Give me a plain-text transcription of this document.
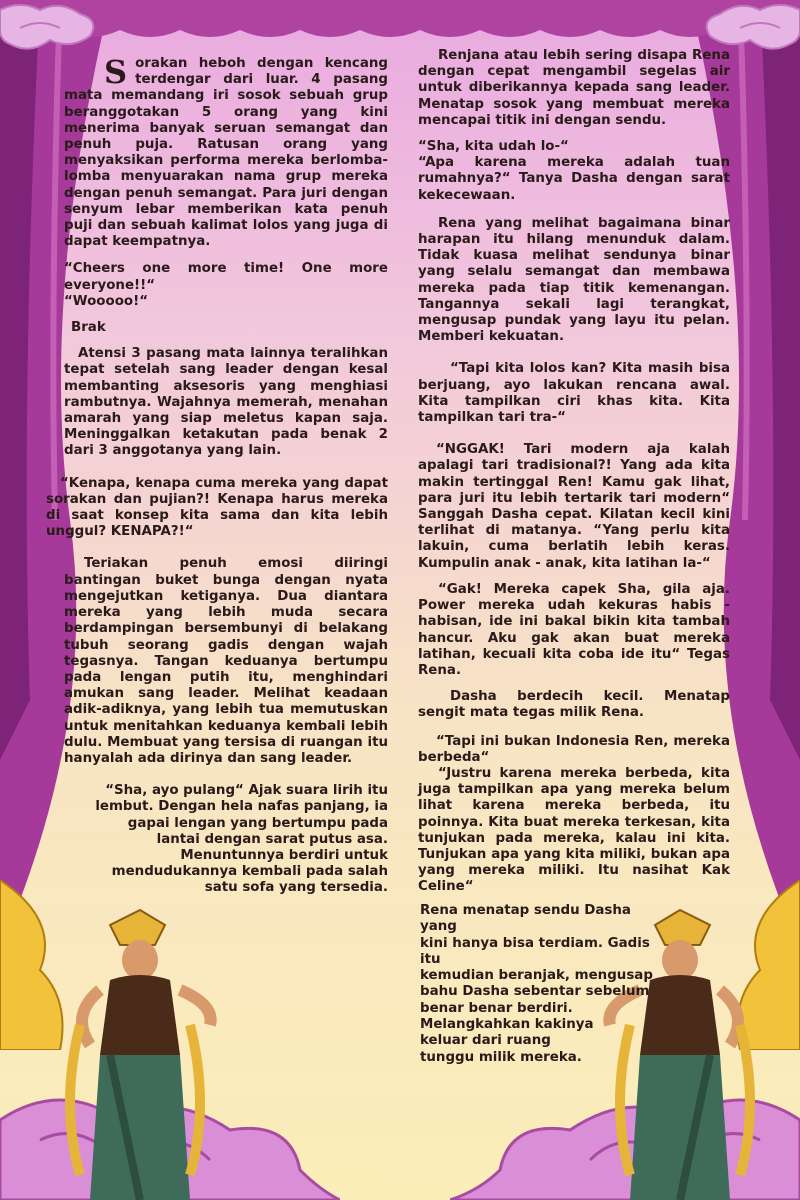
Sorakan heboh dengan kencang terdengar dari luar. 4 pasang mata memandang iri sosok sebuah grup beranggotakan 5 orang yang kini menerima banyak seruan semangat dan penuh puja. Ratusan orang yang menyaksikan performa mereka berlomba-lomba menyuarakan nama grup mereka dengan penuh semangat. Para juri dengan senyum lebar memberikan kata penuh puji dan sebuah kalimat lolos yang juga di dapat keempatnya.

“Cheers one more time! One more everyone!!“

“Wooooo!“

Brak

Atensi 3 pasang mata lainnya teralihkan tepat setelah sang leader dengan kesal membanting aksesoris yang menghiasi rambutnya. Wajahnya memerah, menahan amarah yang siap meletus kapan saja. Meninggalkan ketakutan pada benak 2 dari 3 anggotanya yang lain.

“Kenapa, kenapa cuma mereka yang dapat sorakan dan pujian?! Kenapa harus mereka di saat konsep kita sama dan kita lebih unggul? KENAPA?!“

Teriakan penuh emosi diiringi bantingan buket bunga dengan nyata mengejutkan ketiganya. Dua diantara mereka yang lebih muda secara berdampingan bersembunyi di belakang tubuh seorang gadis dengan wajah tegasnya. Tangan keduanya bertumpu pada lengan putih itu, menghindari amukan sang leader. Melihat keadaan adik-adiknya, yang lebih tua memutuskan untuk menitahkan keduanya kembali lebih dulu. Membuat yang tersisa di ruangan itu hanyalah ada dirinya dan sang leader.

“Sha, ayo pulang“ Ajak suara lirih itu lembut. Dengan hela nafas panjang, ia gapai lengan yang bertumpu pada lantai dengan sarat putus asa. Menuntunnya berdiri untuk mendudukannya kembali pada salah satu sofa yang tersedia.

Renjana atau lebih sering disapa Rena dengan cepat mengambil segelas air untuk diberikannya kepada sang leader. Menatap sosok yang membuat mereka mencapai titik ini dengan sendu.

“Sha, kita udah lo-“

“Apa karena mereka adalah tuan rumahnya?“ Tanya Dasha dengan sarat kekecewaan.

Rena yang melihat bagaimana binar harapan itu hilang menunduk dalam. Tidak kuasa melihat sendunya binar yang selalu semangat dan membawa mereka pada tiap titik kemenangan. Tangannya sekali lagi terangkat, mengusap pundak yang layu itu pelan. Memberi kekuatan.

“Tapi kita lolos kan? Kita masih bisa berjuang, ayo lakukan rencana awal. Kita tampilkan ciri khas kita. Kita tampilkan tari tra-“

“NGGAK! Tari modern aja kalah apalagi tari tradisional?! Yang ada kita makin tertinggal Ren! Kamu gak lihat, para juri itu lebih tertarik tari modern“ Sanggah Dasha cepat. Kilatan kecil kini terlihat di matanya. “Yang perlu kita lakuin, cuma berlatih lebih keras. Kumpulin anak - anak, kita latihan la-“

“Gak! Mereka capek Sha, gila aja. Power mereka udah kekuras habis - habisan, ide ini bakal bikin kita tambah hancur. Aku gak akan buat mereka latihan, kecuali kita coba ide itu“ Tegas Rena.

Dasha berdecih kecil. Menatap sengit mata tegas milik Rena.

“Tapi ini bukan Indonesia Ren, mereka berbeda“

“Justru karena mereka berbeda, kita juga tampilkan apa yang mereka belum lihat karena mereka berbeda, itu poinnya. Kita buat mereka terkesan, kita tunjukan pada mereka, kalau ini kita. Tunjukan apa yang kita miliki, bukan apa yang mereka miliki. Itu nasihat Kak Celine“

Rena menatap sendu Dasha yang

kini hanya bisa terdiam. Gadis itu

kemudian beranjak, mengusap

bahu Dasha sebentar sebelum

benar benar berdiri.

Melangkahkan kakinya

keluar dari ruang

tunggu milik mereka.
